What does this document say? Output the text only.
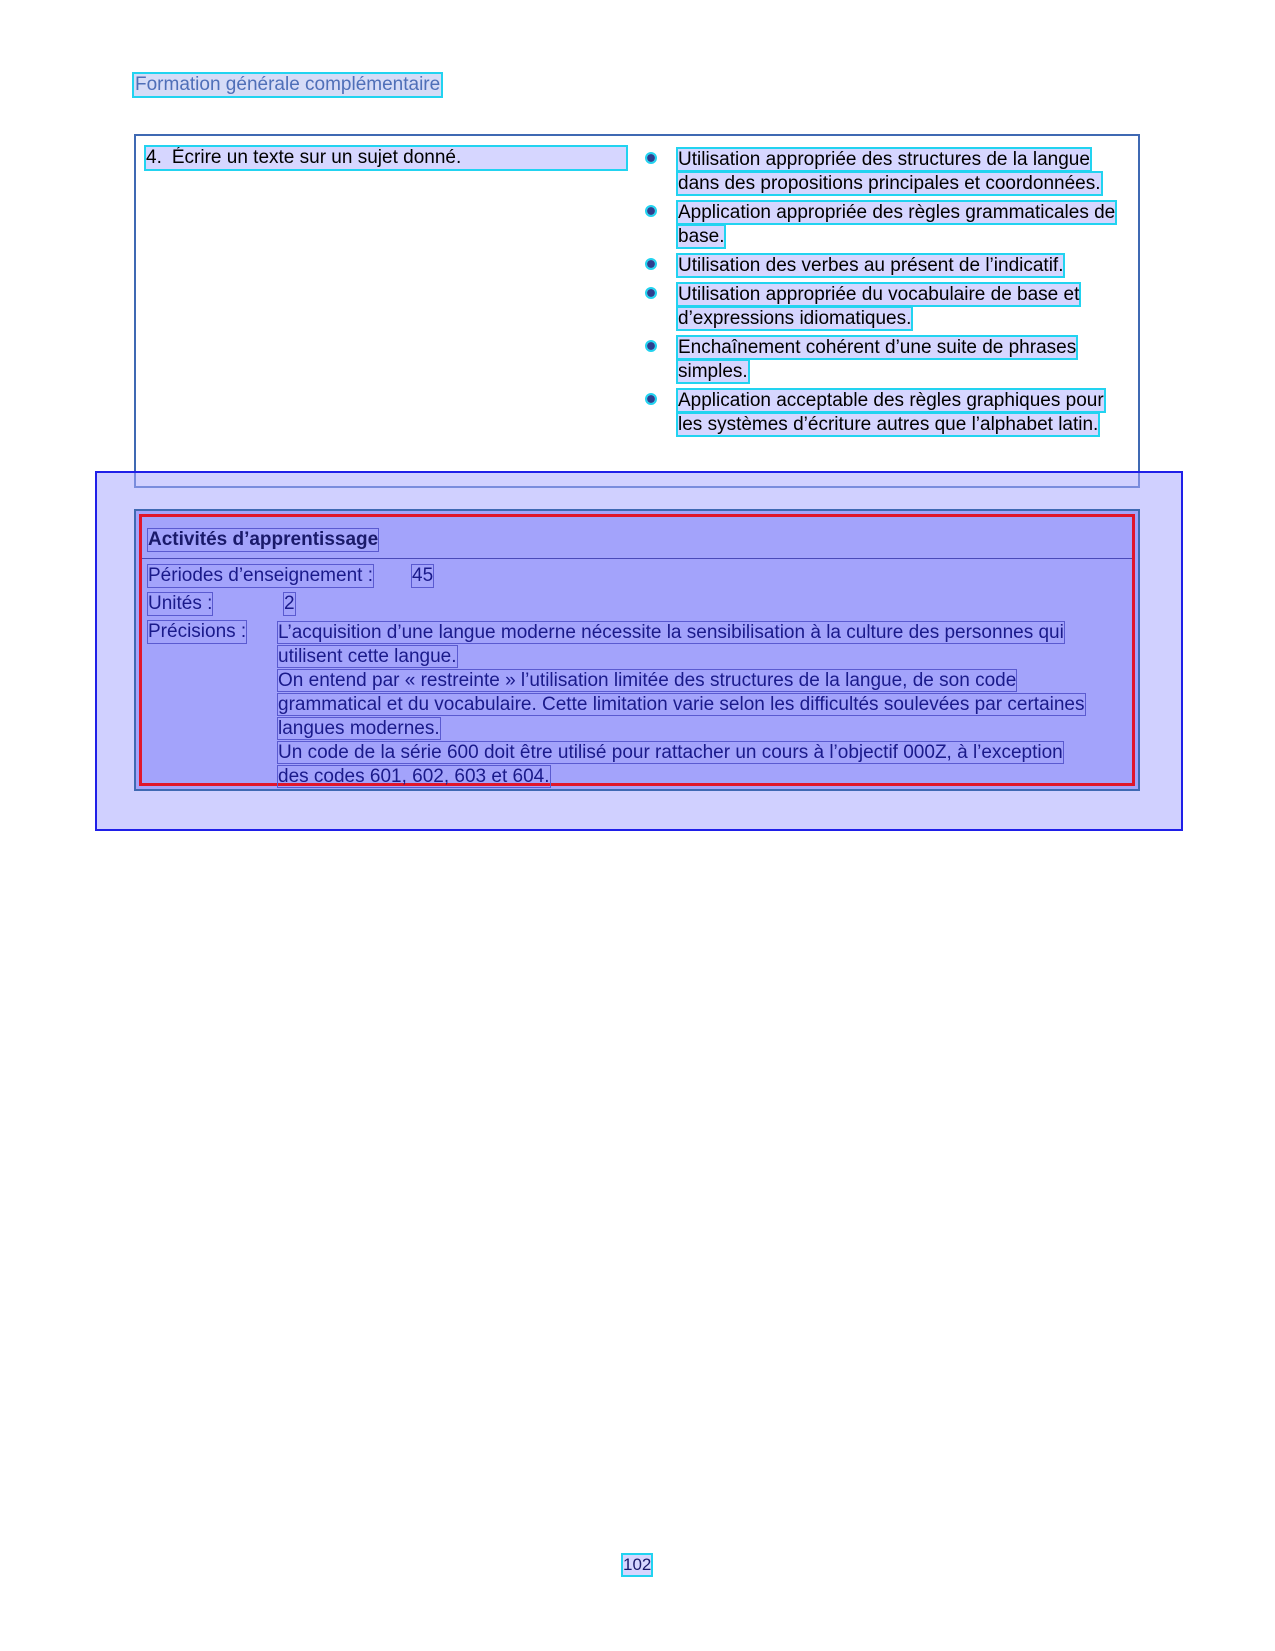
Formation générale complémentaire
4. Écrire un texte sur un sujet donné.	Utilisation appropriée des structures de la langue dans des propositions principales et coordonnées.
Application appropriée des règles grammaticales de base.
Utilisation des verbes au présent de l’indicatif.
Utilisation appropriée du vocabulaire de base et d’expressions idiomatiques.
Enchaînement cohérent d’une suite de phrases simples.
Application acceptable des règles graphiques pour les systèmes d’écriture autres que l’alphabet latin.
Activités d’apprentissage
Périodes d’enseignement : 45
Unités :	2
Précisions : L’acquisition d’une langue moderne nécessite la sensibilisation à la culture des personnes qui utilisent cette langue.

On entend par « restreinte » l’utilisation limitée des structures de la langue, de son code grammatical et du vocabulaire. Cette limitation varie selon les difficultés soulevées par certaines langues modernes.

Un code de la série 600 doit être utilisé pour rattacher un cours à l’objectif 000Z, à l’exception des codes 601, 602, 603 et 604.

102
